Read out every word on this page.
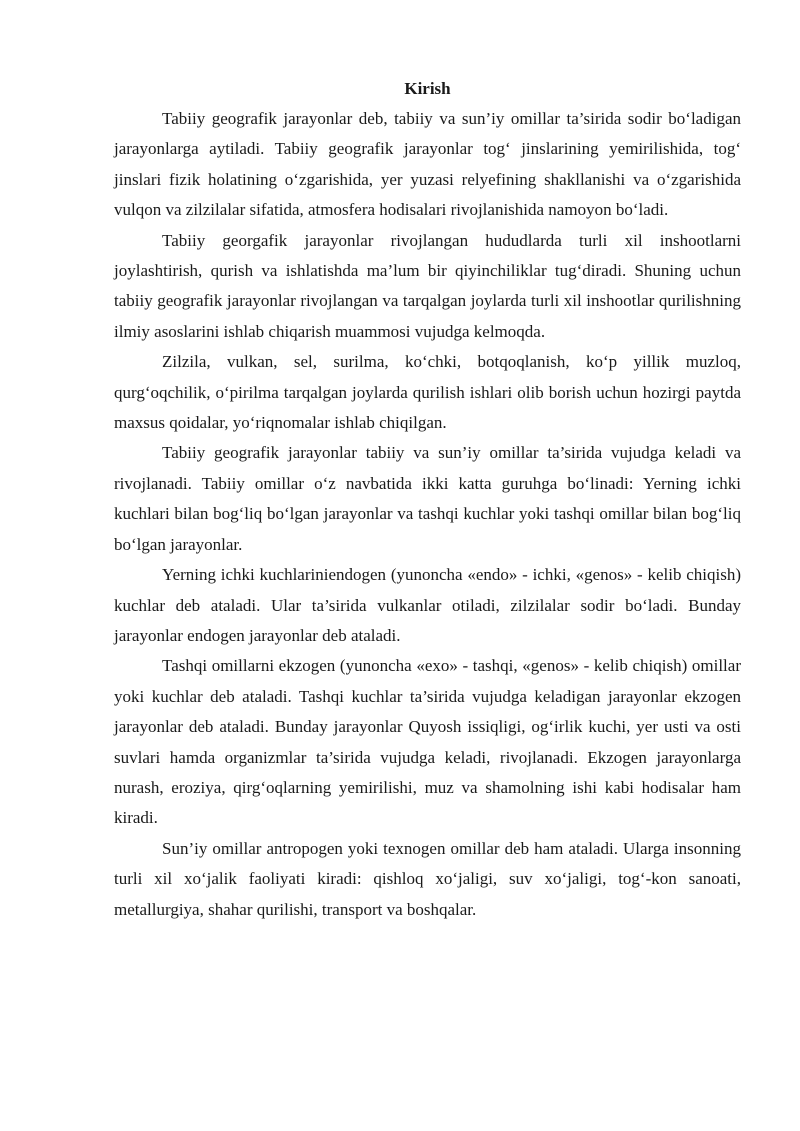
Kirish

Tabiiy geografik jarayonlar deb, tabiiy va sun’iy omillar ta’sirida sodir bo‘ladigan jarayonlarga aytiladi. Tabiiy geografik jarayonlar tog‘ jinslarining yemirilishida, tog‘ jinslari fizik holatining o‘zgarishida, yer yuzasi relyefining shakllanishi va o‘zgarishida vulqon va zilzilalar sifatida, atmosfera hodisalari rivojlanishida namoyon bo‘ladi.

Tabiiy georgafik jarayonlar rivojlangan hududlarda turli xil inshootlarni joylashtirish, qurish va ishlatishda ma’lum bir qiyinchiliklar tug‘diradi. Shuning uchun tabiiy geografik jarayonlar rivojlangan va tarqalgan joylarda turli xil inshootlar qurilishning ilmiy asoslarini ishlab chiqarish muammosi vujudga kelmoqda.

Zilzila, vulkan, sel, surilma, ko‘chki, botqoqlanish, ko‘p yillik muzloq, qurg‘oqchilik, o‘pirilma tarqalgan joylarda qurilish ishlari olib borish uchun hozirgi paytda maxsus qoidalar, yo‘riqnomalar ishlab chiqilgan.

Tabiiy geografik jarayonlar tabiiy va sun’iy omillar ta’sirida vujudga keladi va rivojlanadi. Tabiiy omillar o‘z navbatida ikki katta guruhga bo‘linadi: Yerning ichki kuchlari bilan bog‘liq bo‘lgan jarayonlar va tashqi kuchlar yoki tashqi omillar bilan bog‘liq bo‘lgan jarayonlar.

Yerning ichki kuchlariniendogen (yunoncha «endo» - ichki, «genos» - kelib chiqish) kuchlar deb ataladi. Ular ta’sirida vulkanlar otiladi, zilzilalar sodir bo‘ladi. Bunday jarayonlar endogen jarayonlar deb ataladi.

Tashqi omillarni ekzogen (yunoncha «exo» - tashqi, «genos» - kelib chiqish) omillar yoki kuchlar deb ataladi. Tashqi kuchlar ta’sirida vujudga keladigan jarayonlar ekzogen jarayonlar deb ataladi. Bunday jarayonlar Quyosh issiqligi, og‘irlik kuchi, yer usti va osti suvlari hamda organizmlar ta’sirida vujudga keladi, rivojlanadi. Ekzogen jarayonlarga nurash, eroziya, qirg‘oqlarning yemirilishi, muz va shamolning ishi kabi hodisalar ham kiradi.

Sun’iy omillar antropogen yoki texnogen omillar deb ham ataladi. Ularga insonning turli xil xo‘jalik faoliyati kiradi: qishloq xo‘jaligi, suv xo‘jaligi, tog‘-kon sanoati, metallurgiya, shahar qurilishi, transport va boshqalar.
